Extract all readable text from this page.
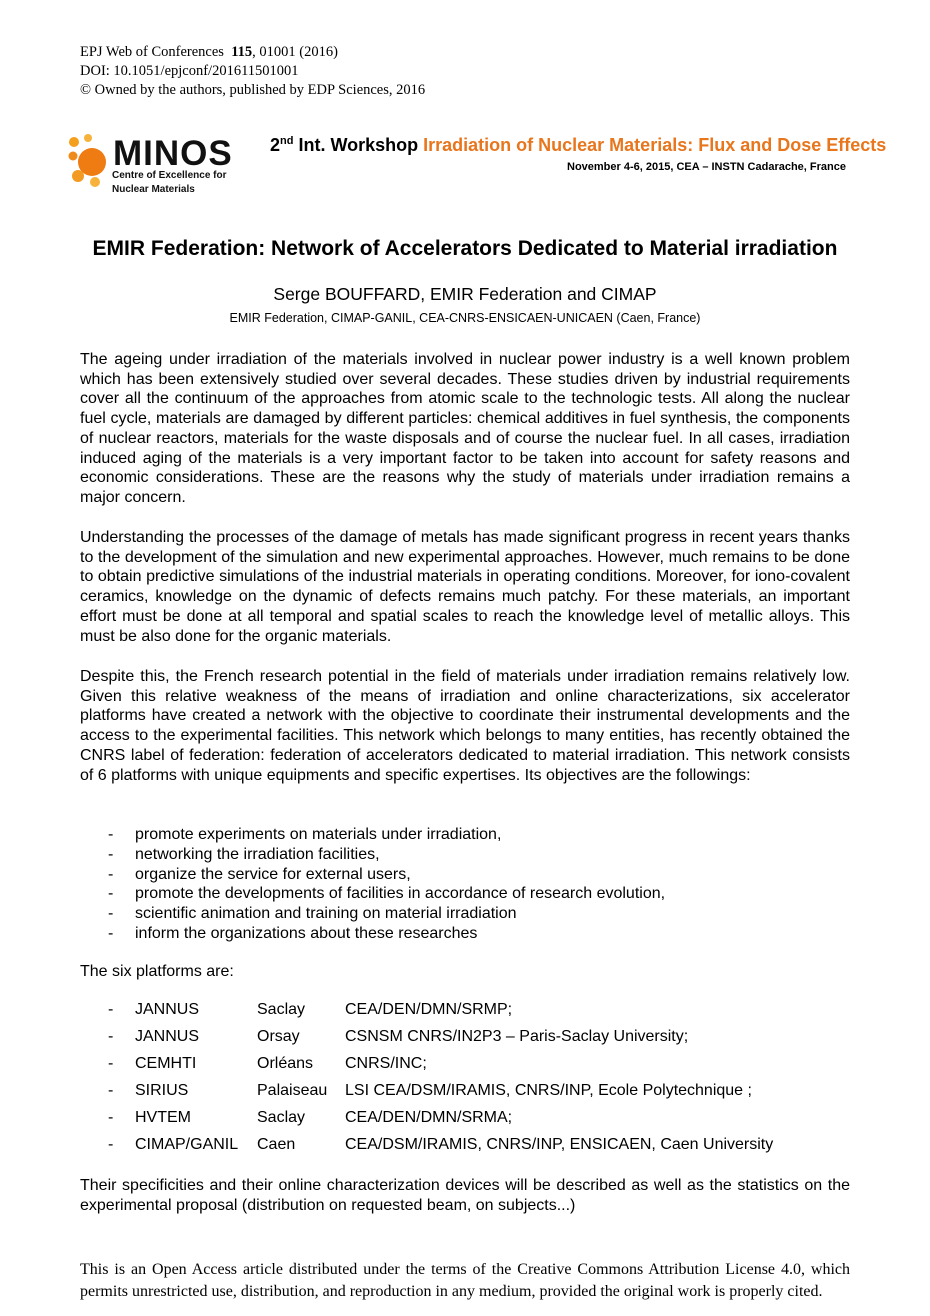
EPJ Web of Conferences 115, 01001 (2016)
DOI: 10.1051/epjconf/201611501001
© Owned by the authors, published by EDP Sciences, 2016
MINOS
Centre of Excellence for
Nuclear Materials
2nd Int. Workshop Irradiation of Nuclear Materials: Flux and Dose Effects
November 4-6, 2015, CEA – INSTN Cadarache, France
EMIR Federation: Network of Accelerators Dedicated to Material irradiation
Serge BOUFFARD, EMIR Federation and CIMAP
EMIR Federation, CIMAP-GANIL, CEA-CNRS-ENSICAEN-UNICAEN (Caen, France)

The ageing under irradiation of the materials involved in nuclear power industry is a well known problem which has been extensively studied over several decades. These studies driven by industrial requirements cover all the continuum of the approaches from atomic scale to the technologic tests. All along the nuclear fuel cycle, materials are damaged by different particles: chemical additives in fuel synthesis, the components of nuclear reactors, materials for the waste disposals and of course the nuclear fuel. In all cases, irradiation induced aging of the materials is a very important factor to be taken into account for safety reasons and economic considerations. These are the reasons why the study of materials under irradiation remains a major concern.

Understanding the processes of the damage of metals has made significant progress in recent years thanks to the development of the simulation and new experimental approaches. However, much remains to be done to obtain predictive simulations of the industrial materials in operating conditions. Moreover, for iono-covalent ceramics, knowledge on the dynamic of defects remains much patchy. For these materials, an important effort must be done at all temporal and spatial scales to reach the knowledge level of metallic alloys. This must be also done for the organic materials.

Despite this, the French research potential in the field of materials under irradiation remains relatively low. Given this relative weakness of the means of irradiation and online characterizations, six accelerator platforms have created a network with the objective to coordinate their instrumental developments and the access to the experimental facilities. This network which belongs to many entities, has recently obtained the CNRS label of federation: federation of accelerators dedicated to material irradiation. This network consists of 6 platforms with unique equipments and specific expertises. Its objectives are the followings:

- promote experiments on materials under irradiation,
- networking the irradiation facilities,
- organize the service for external users,
- promote the developments of facilities in accordance of research evolution,
- scientific animation and training on material irradiation
- inform the organizations about these researches
The six platforms are:
-	JANNUS	Saclay	CEA/DEN/DMN/SRMP;
-	JANNUS	Orsay	CSNSM CNRS/IN2P3 – Paris-Saclay University;
-	CEMHTI	Orléans	CNRS/INC;
-	SIRIUS	Palaiseau	LSI CEA/DSM/IRAMIS, CNRS/INP, Ecole Polytechnique ;
-	HVTEM	Saclay	CEA/DEN/DMN/SRMA;
-	CIMAP/GANIL	Caen	CEA/DSM/IRAMIS, CNRS/INP, ENSICAEN, Caen University

Their specificities and their online characterization devices will be described as well as the statistics on the experimental proposal (distribution on requested beam, on subjects...)

This is an Open Access article distributed under the terms of the Creative Commons Attribution License 4.0, which permits unrestricted use, distribution, and reproduction in any medium, provided the original work is properly cited.
